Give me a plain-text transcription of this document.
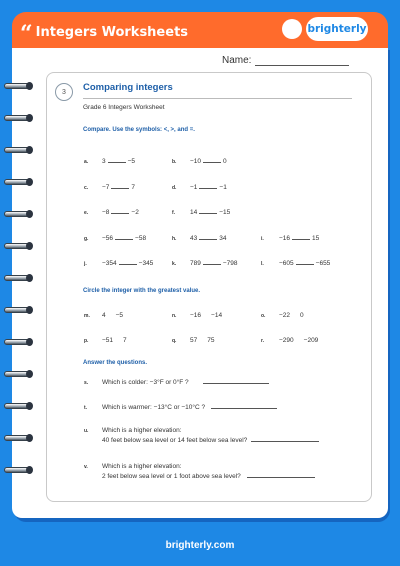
“ Integers Worksheets	brighterly
Name:
3	Comparing integers
Grade 6 Integers Worksheet
Compare. Use the symbols: <, >, and =.
a. 3	−5	b. −10	0
c. −7	7	d. −1	−1
e. −8	−2	f. 14	−15
g. −56	−58	h. 43	34	i. −16	15
j. −354	−345	k. 789	−798	l. −605	−655
Circle the integer with the greatest value.
m. 4 −5	n. −16 −14	o. −22 0
p. −51 7	q. 57 75	r. −290 −209
Answer the questions.
s. Which is colder: −3°F or 0°F ?
t. Which is warmer: −13°C or −10°C ?
u. Which is a higher elevation:
40 feet below sea level or 14 feet below sea level?
v. Which is a higher elevation:
2 feet below sea level or 1 foot above sea level?
brighterly.com
